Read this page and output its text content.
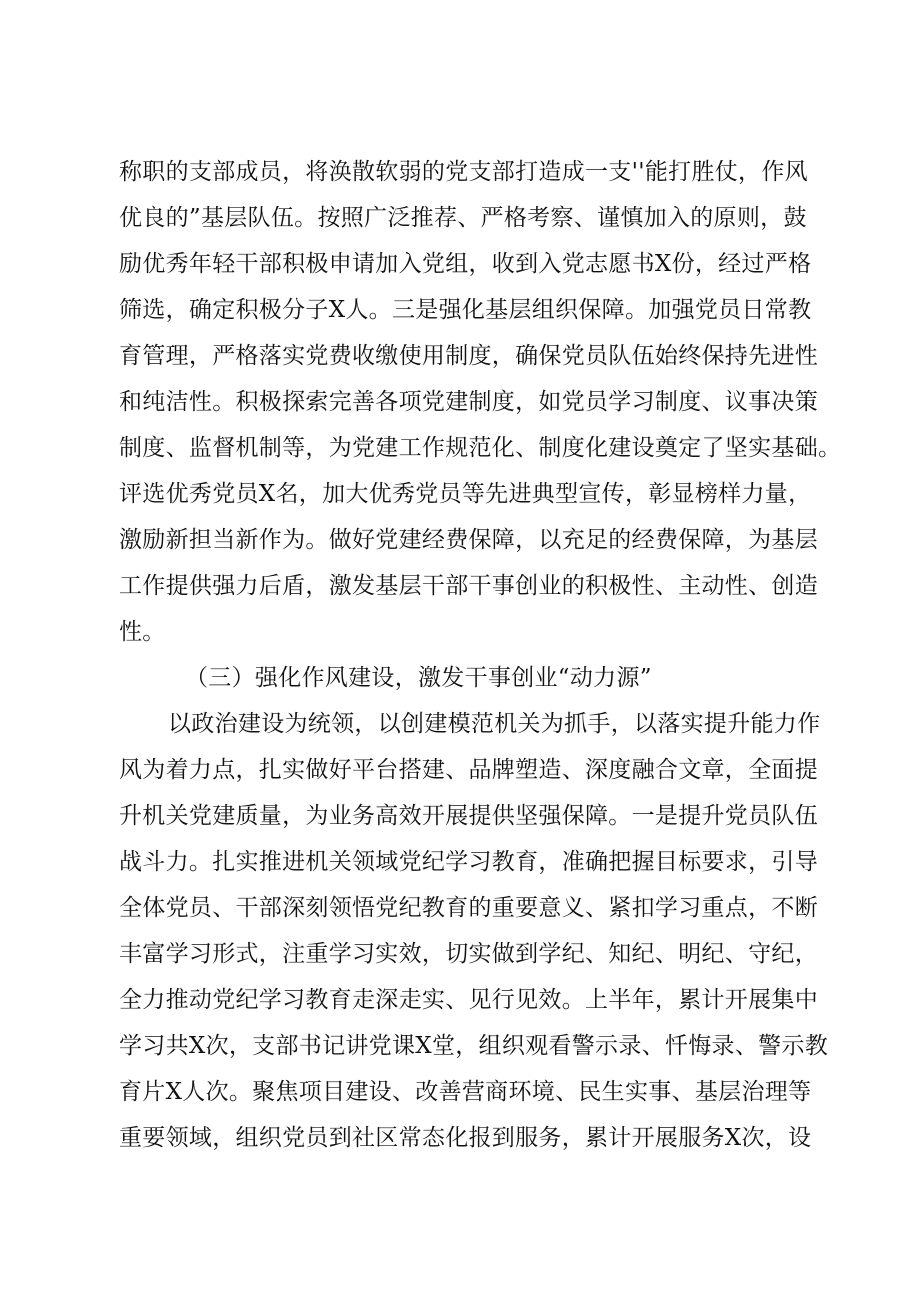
称职的支部成员，将涣散软弱的党支部打造成一支''能打胜仗，作风
优良的”基层队伍。按照广泛推荐、严格考察、谨慎加入的原则，鼓
励优秀年轻干部积极申请加入党组，收到入党志愿书X份，经过严格
筛选，确定积极分子X人。三是强化基层组织保障。加强党员日常教
育管理，严格落实党费收缴使用制度，确保党员队伍始终保持先进性
和纯洁性。积极探索完善各项党建制度，如党员学习制度、议事决策
制度、监督机制等，为党建工作规范化、制度化建设奠定了坚实基础。
评选优秀党员X名，加大优秀党员等先进典型宣传，彰显榜样力量，
激励新担当新作为。做好党建经费保障，以充足的经费保障，为基层
工作提供强力后盾，激发基层干部干事创业的积极性、主动性、创造
性。
（三）强化作风建设，激发干事创业“动力源”
以政治建设为统领，以创建模范机关为抓手，以落实提升能力作
风为着力点，扎实做好平台搭建、品牌塑造、深度融合文章，全面提
升机关党建质量，为业务高效开展提供坚强保障。一是提升党员队伍
战斗力。扎实推进机关领域党纪学习教育，准确把握目标要求，引导
全体党员、干部深刻领悟党纪教育的重要意义、紧扣学习重点，不断
丰富学习形式，注重学习实效，切实做到学纪、知纪、明纪、守纪，
全力推动党纪学习教育走深走实、见行见效。上半年，累计开展集中
学习共X次，支部书记讲党课X堂，组织观看警示录、忏悔录、警示教
育片X人次。聚焦项目建设、改善营商环境、民生实事、基层治理等
重要领域，组织党员到社区常态化报到服务，累计开展服务X次，设
